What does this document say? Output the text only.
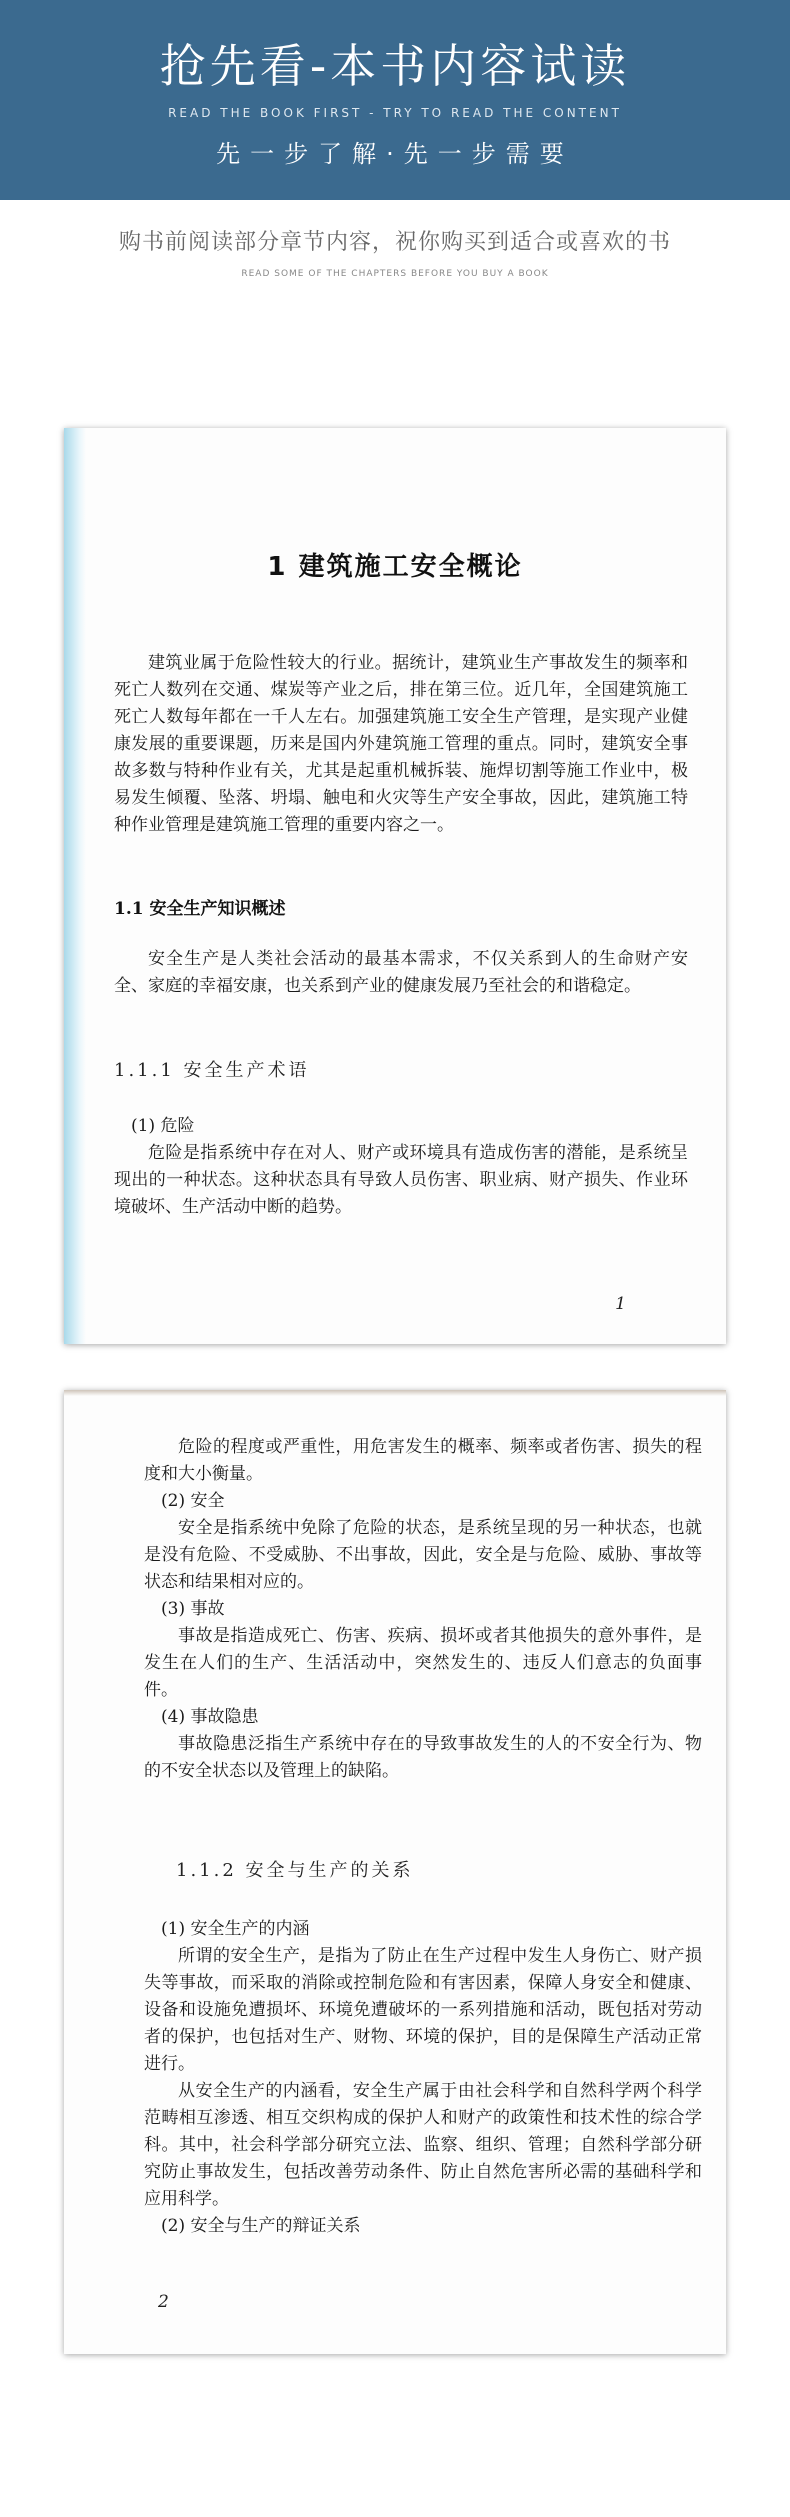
抢先看-本书内容试读
READ THE BOOK FIRST - TRY TO READ THE CONTENT
先一步了解·先一步需要
购书前阅读部分章节内容，祝你购买到适合或喜欢的书
READ SOME OF THE CHAPTERS BEFORE YOU BUY A BOOK
1 建筑施工安全概论

建筑业属于危险性较大的行业。据统计，建筑业生产事故发生的频率和死亡人数列在交通、煤炭等产业之后，排在第三位。近几年，全国建筑施工死亡人数每年都在一千人左右。加强建筑施工安全生产管理，是实现产业健康发展的重要课题，历来是国内外建筑施工管理的重点。同时，建筑安全事故多数与特种作业有关，尤其是起重机械拆装、施焊切割等施工作业中，极易发生倾覆、坠落、坍塌、触电和火灾等生产安全事故，因此，建筑施工特种作业管理是建筑施工管理的重要内容之一。

1.1 安全生产知识概述

安全生产是人类社会活动的最基本需求，不仅关系到人的生命财产安全、家庭的幸福安康，也关系到产业的健康发展乃至社会的和谐稳定。

1.1.1 安全生产术语

(1) 危险

危险是指系统中存在对人、财产或环境具有造成伤害的潜能，是系统呈现出的一种状态。这种状态具有导致人员伤害、职业病、财产损失、作业环境破坏、生产活动中断的趋势。

1

危险的程度或严重性，用危害发生的概率、频率或者伤害、损失的程度和大小衡量。

(2) 安全

安全是指系统中免除了危险的状态，是系统呈现的另一种状态，也就是没有危险、不受威胁、不出事故，因此，安全是与危险、威胁、事故等状态和结果相对应的。

(3) 事故

事故是指造成死亡、伤害、疾病、损坏或者其他损失的意外事件，是发生在人们的生产、生活活动中，突然发生的、违反人们意志的负面事件。

(4) 事故隐患

事故隐患泛指生产系统中存在的导致事故发生的人的不安全行为、物的不安全状态以及管理上的缺陷。

1.1.2 安全与生产的关系

(1) 安全生产的内涵

所谓的安全生产，是指为了防止在生产过程中发生人身伤亡、财产损失等事故，而采取的消除或控制危险和有害因素，保障人身安全和健康、设备和设施免遭损坏、环境免遭破坏的一系列措施和活动，既包括对劳动者的保护，也包括对生产、财物、环境的保护，目的是保障生产活动正常进行。

从安全生产的内涵看，安全生产属于由社会科学和自然科学两个科学范畴相互渗透、相互交织构成的保护人和财产的政策性和技术性的综合学科。其中，社会科学部分研究立法、监察、组织、管理；自然科学部分研究防止事故发生，包括改善劳动条件、防止自然危害所必需的基础科学和应用科学。

(2) 安全与生产的辩证关系

2
